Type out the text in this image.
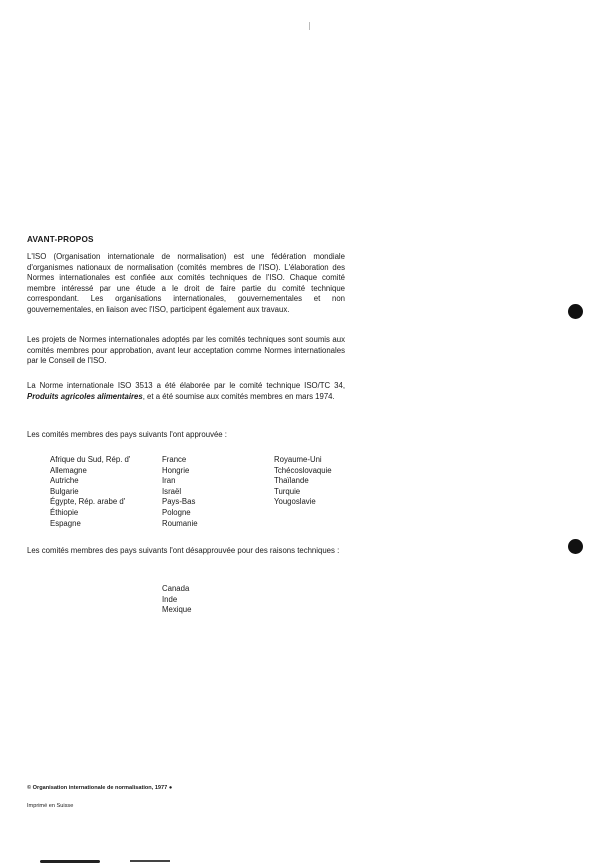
AVANT-PROPOS

L'ISO (Organisation internationale de normalisation) est une fédération mondiale d'organismes nationaux de normalisation (comités membres de l'ISO). L'élaboration des Normes internationales est confiée aux comités techniques de l'ISO. Chaque comité membre intéressé par une étude a le droit de faire partie du comité technique correspondant. Les organisations internationales, gouvernementales et non gouvernementales, en liaison avec l'ISO, participent également aux travaux.

Les projets de Normes internationales adoptés par les comités techniques sont soumis aux comités membres pour approbation, avant leur acceptation comme Normes internationales par le Conseil de l'ISO.

La Norme internationale ISO 3513 a été élaborée par le comité technique ISO/TC 34, Produits agricoles alimentaires, et a été soumise aux comités membres en mars 1974.

Les comités membres des pays suivants l'ont approuvée :

Afrique du Sud, Rép. d'
Allemagne
Autriche
Bulgarie
Égypte, Rép. arabe d'
Éthiopie
Espagne
France
Hongrie
Iran
Israël
Pays-Bas
Pologne
Roumanie
Royaume-Uni
Tchécoslovaquie
Thaïlande
Turquie
Yougoslavie

Les comités membres des pays suivants l'ont désapprouvée pour des raisons techniques :

Canada
Inde
Mexique
© Organisation internationale de normalisation, 1977 ●
Imprimé en Suisse
